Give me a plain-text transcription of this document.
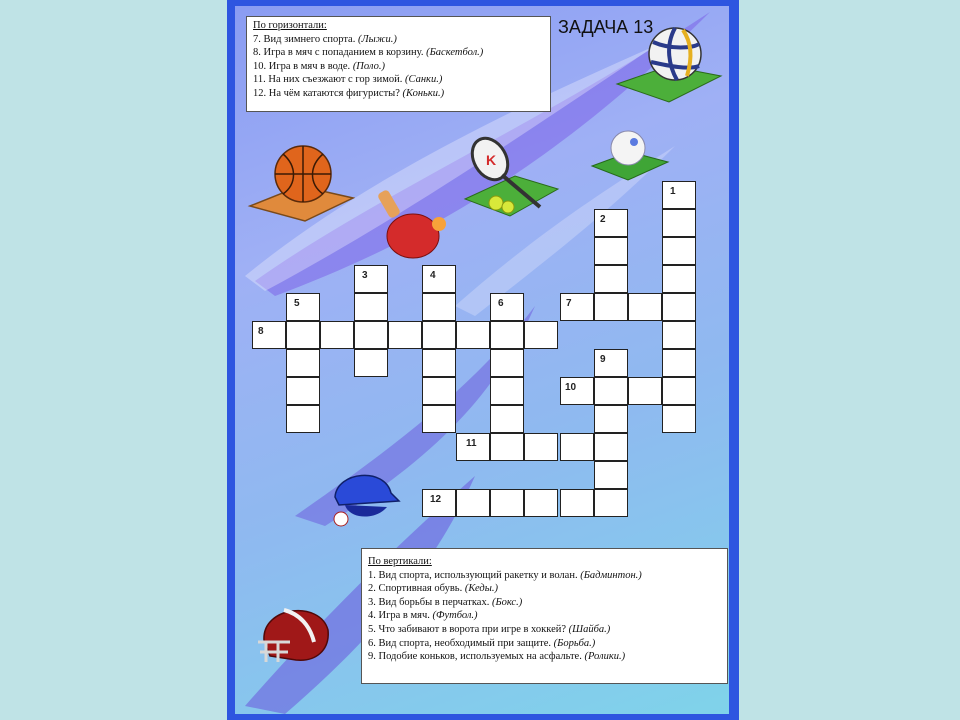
По горизонтали:
7. Вид зимнего спорта. (Лыжи.)
8. Игра в мяч с попаданием в корзину. (Баскетбол.)
10. Игра в мяч в воде. (Поло.)
11. На них съезжают с гор зимой. (Санки.)
12. На чём катаются фигуристы? (Коньки.)
По вертикали:
1. Вид спорта, использующий ракетку и волан. (Бадминтон.)
2. Спортивная обувь. (Кеды.)
3. Вид борьбы в перчатках. (Бокс.)
4. Игра в мяч. (Футбол.)
5. Что забивают в ворота при игре в хоккей? (Шайба.)
6. Вид спорта, необходимый при защите. (Борьба.)
9. Подобие коньков, используемых на асфальте. (Ролики.)
K
ЗАДАЧА 13
1
2
3	4
5	6	7
8
9
10
11
12
